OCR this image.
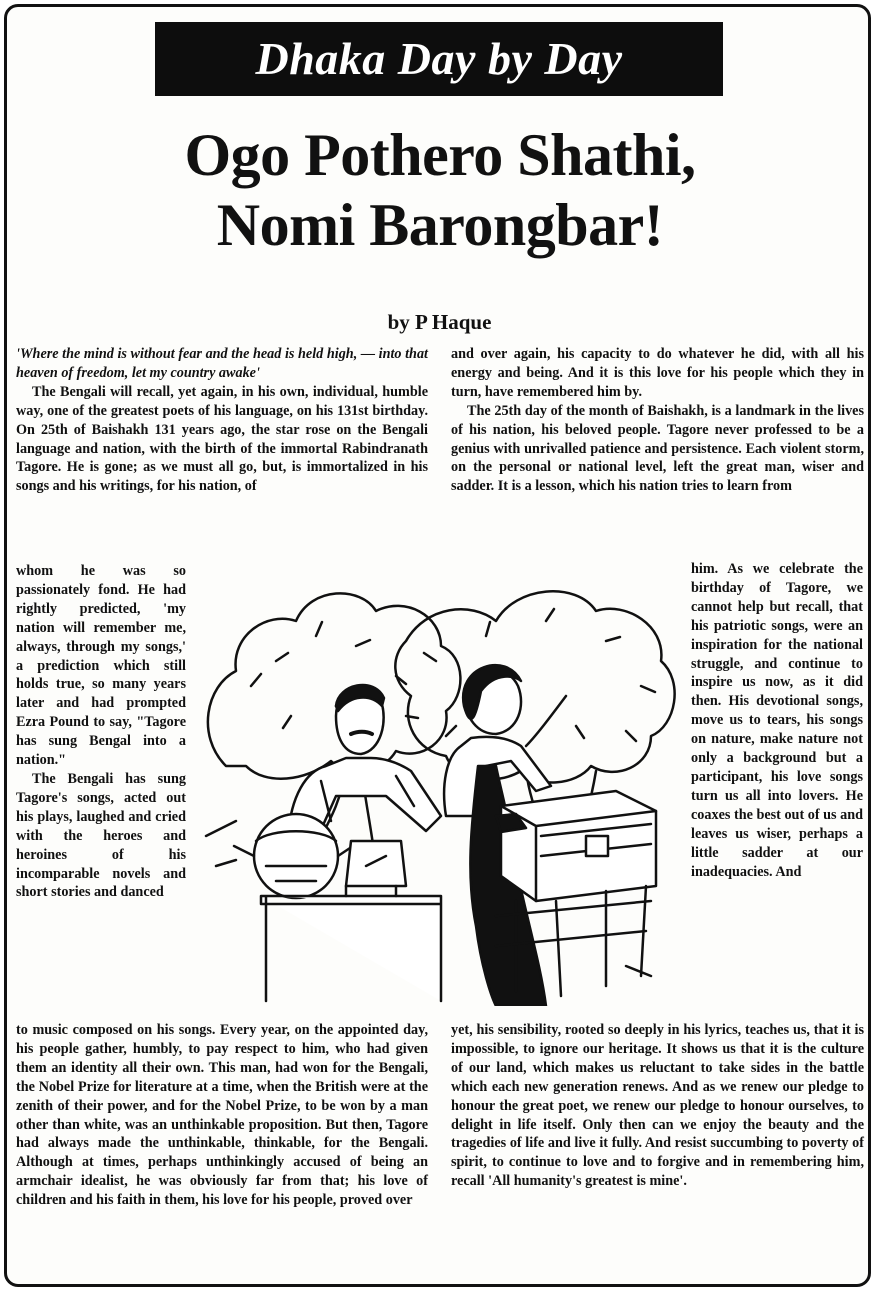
Dhaka Day by Day
Ogo Pothero Shathi,
Nomi Barongbar!
by P Haque

'Where the mind is without fear and the head is held high, — into that heaven of freedom, let my country awake'

The Bengali will recall, yet again, in his own, individual, humble way, one of the greatest poets of his language, on his 131st birthday. On 25th of Baishakh 131 years ago, the star rose on the Bengali language and nation, with the birth of the immortal Rabindranath Tagore. He is gone; as we must all go, but, is immortalized in his songs and his writings, for his nation, of

and over again, his capacity to do whatever he did, with all his energy and being. And it is this love for his people which they in turn, have remembered him by.

The 25th day of the month of Baishakh, is a landmark in the lives of his nation, his beloved people. Tagore never professed to be a genius with unrivalled patience and persistence. Each violent storm, on the personal or national level, left the great man, wiser and sadder. It is a lesson, which his nation tries to learn from

whom he was so passionately fond. He had rightly predicted, 'my nation will remember me, always, through my songs,' a prediction which still holds true, so many years later and had prompted Ezra Pound to say, "Tagore has sung Bengal into a nation."

The Bengali has sung Tagore's songs, acted out his plays, laughed and cried with the heroes and heroines of his incomparable novels and short stories and danced

him. As we celebrate the birthday of Tagore, we cannot help but recall, that his patriotic songs, were an inspiration for the national struggle, and continue to inspire us now, as it did then. His devotional songs, move us to tears, his songs on nature, make nature not only a background but a participant, his love songs turn us all into lovers. He coaxes the best out of us and leaves us wiser, perhaps a little sadder at our inadequacies. And

to music composed on his songs. Every year, on the appointed day, his people gather, humbly, to pay respect to him, who had given them an identity all their own. This man, had won for the Bengali, the Nobel Prize for literature at a time, when the British were at the zenith of their power, and for the Nobel Prize, to be won by a man other than white, was an unthinkable proposition. But then, Tagore had always made the unthinkable, thinkable, for the Bengali. Although at times, perhaps unthinkingly accused of being an armchair idealist, he was obviously far from that; his love of children and his faith in them, his love for his people, proved over

yet, his sensibility, rooted so deeply in his lyrics, teaches us, that it is impossible, to ignore our heritage. It shows us that it is the culture of our land, which makes us reluctant to take sides in the battle which each new generation renews. And as we renew our pledge to honour the great poet, we renew our pledge to honour ourselves, to delight in life itself. Only then can we enjoy the beauty and the tragedies of life and live it fully. And resist succumbing to poverty of spirit, to continue to love and to forgive and in remembering him, recall 'All humanity's greatest is mine'.
